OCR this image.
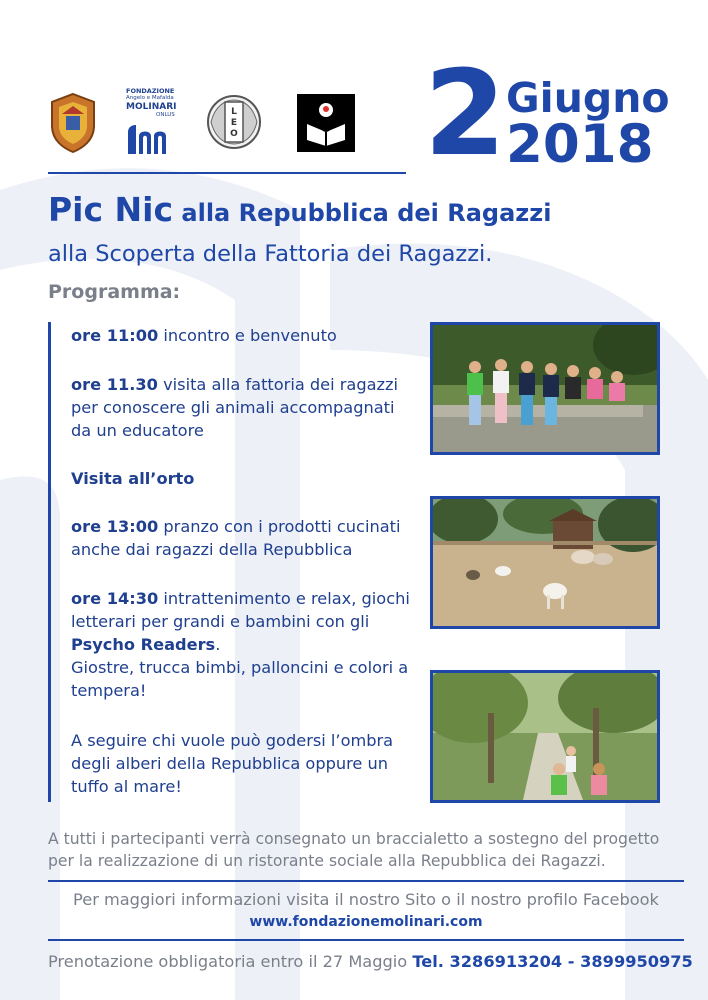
FONDAZIONE
Angelo e Mafalda
MOLINARI
ONLUS	L
E
O 2 Giugno
2018
Pic Nic alla Repubblica dei Ragazzi
alla Scoperta della Fattoria dei Ragazzi.
Programma:
ore 11:00 incontro e benvenuto
ore 11.30 visita alla fattoria dei ragazzi
per conoscere gli animali accompagnati
da un educatore
Visita all’orto
ore 13:00 pranzo con i prodotti cucinati
anche dai ragazzi della Repubblica
ore 14:30 intrattenimento e relax, giochi
letterari per grandi e bambini con gli
Psycho Readers.
Giostre, trucca bimbi, palloncini e colori a
tempera!
A seguire chi vuole può godersi l’ombra
degli alberi della Repubblica oppure un
tuffo al mare!
A tutti i partecipanti verrà consegnato un braccialetto a sostegno del progetto
per la realizzazione di un ristorante sociale alla Repubblica dei Ragazzi.
Per maggiori informazioni visita il nostro Sito o il nostro profilo Facebook
www.fondazionemolinari.com
Prenotazione obbligatoria entro il 27 Maggio Tel. 3286913204 - 3899950975
